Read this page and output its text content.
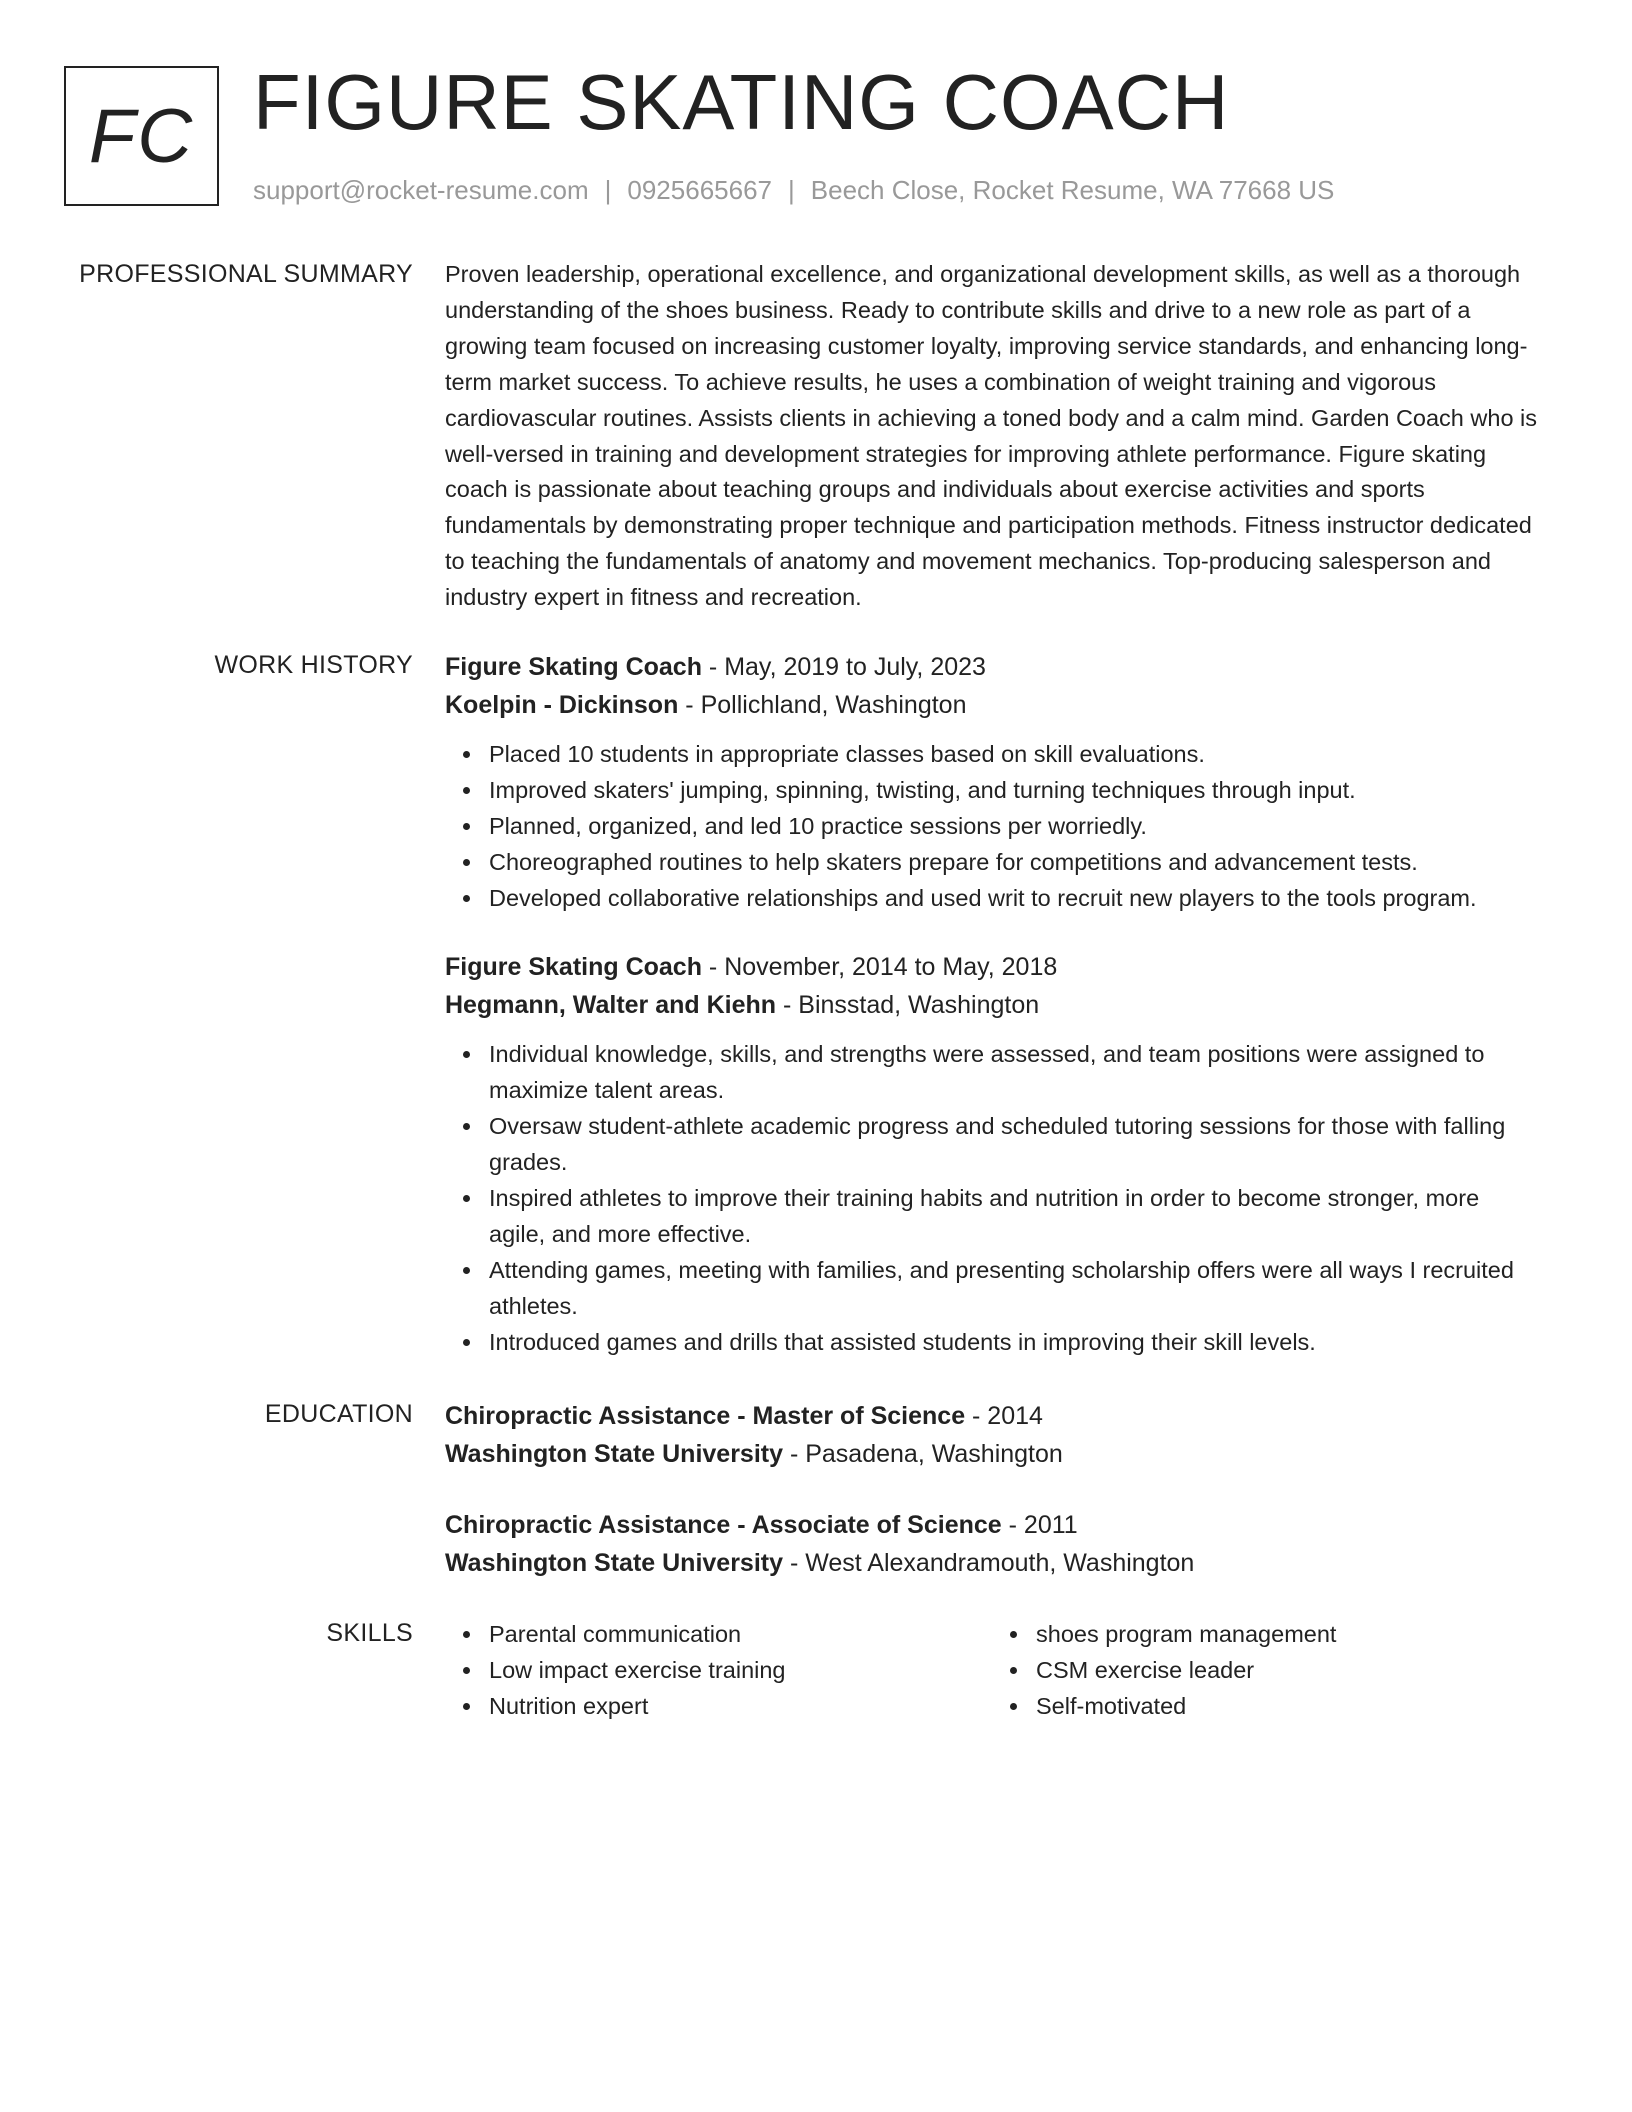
FC FIGURE SKATING COACH
support@rocket-resume.com | 0925665667 | Beech Close, Rocket Resume, WA 77668 US
PROFESSIONAL SUMMARY Proven leadership, operational excellence, and organizational development skills, as well as a thorough understanding of the shoes business. Ready to contribute skills and drive to a new role as part of a growing team focused on increasing customer loyalty, improving service standards, and enhancing long-term market success. To achieve results, he uses a combination of weight training and vigorous cardiovascular routines. Assists clients in achieving a toned body and a calm mind. Garden Coach who is well-versed in training and development strategies for improving athlete performance. Figure skating coach is passionate about teaching groups and individuals about exercise activities and sports fundamentals by demonstrating proper technique and participation methods. Fitness instructor dedicated to teaching the fundamentals of anatomy and movement mechanics. Top-producing salesperson and industry expert in fitness and recreation.

WORK HISTORY Figure Skating Coach - May, 2019 to July, 2023

Koelpin - Dickinson - Pollichland, Washington

Placed 10 students in appropriate classes based on skill evaluations.
Improved skaters' jumping, spinning, twisting, and turning techniques through input.
Planned, organized, and led 10 practice sessions per worriedly.
Choreographed routines to help skaters prepare for competitions and advancement tests.
Developed collaborative relationships and used writ to recruit new players to the tools program.

Figure Skating Coach - November, 2014 to May, 2018

Hegmann, Walter and Kiehn - Binsstad, Washington

Individual knowledge, skills, and strengths were assessed, and team positions were assigned to maximize talent areas.
Oversaw student-athlete academic progress and scheduled tutoring sessions for those with falling grades.
Inspired athletes to improve their training habits and nutrition in order to become stronger, more agile, and more effective.
Attending games, meeting with families, and presenting scholarship offers were all ways I recruited athletes.
Introduced games and drills that assisted students in improving their skill levels.
EDUCATION Chiropractic Assistance - Master of Science - 2014

Washington State University - Pasadena, Washington

Chiropractic Assistance - Associate of Science - 2011

Washington State University - West Alexandramouth, Washington

SKILLS	Parental communication
Low impact exercise training
Nutrition expert
shoes program management
CSM exercise leader
Self-motivated
